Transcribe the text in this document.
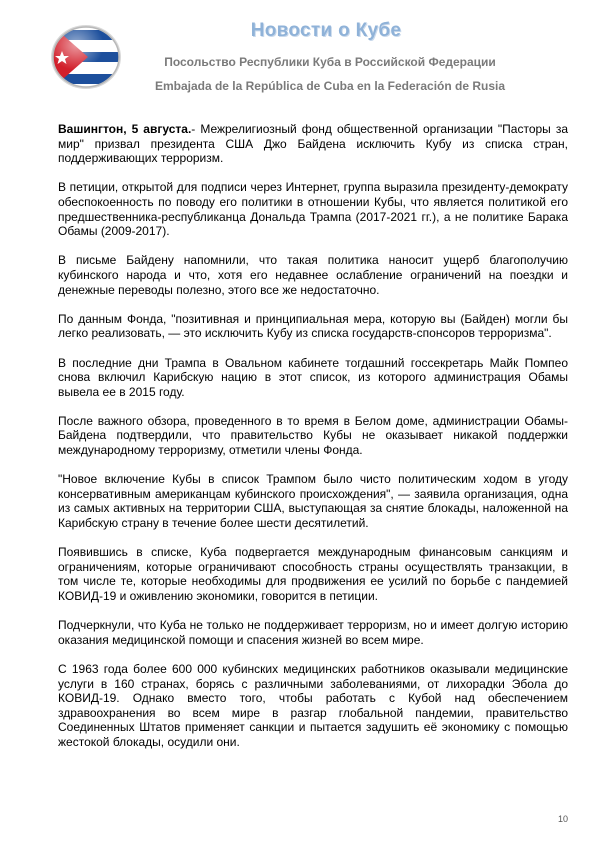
Новости о Кубе
Посольство Республики Куба в Российской Федерации
Embajada de la República de Cuba en la Federación de Rusia

Вашингтон, 5 августа.- Межрелигиозный фонд общественной организации "Пасторы за мир" призвал президента США Джо Байдена исключить Кубу из списка стран, поддерживающих терроризм.

В петиции, открытой для подписи через Интернет, группа выразила президенту-демократу обеспокоенность по поводу его политики в отношении Кубы, что является политикой его предшественника-республиканца Дональда Трампа (2017-2021 гг.), а не политике Барака Обамы (2009-2017).

В письме Байдену напомнили, что такая политика наносит ущерб благополучию кубинского народа и что, хотя его недавнее ослабление ограничений на поездки и денежные переводы полезно, этого все же недостаточно.

По данным Фонда, "позитивная и принципиальная мера, которую вы (Байден) могли бы легко реализовать, — это исключить Кубу из списка государств-спонсоров терроризма".

В последние дни Трампа в Овальном кабинете тогдашний госсекретарь Майк Помпео снова включил Карибскую нацию в этот список, из которого администрация Обамы вывела ее в 2015 году.

После важного обзора, проведенного в то время в Белом доме, администрации Обамы-Байдена подтвердили, что правительство Кубы не оказывает никакой поддержки международному терроризму, отметили члены Фонда.

"Новое включение Кубы в список Трампом было чисто политическим ходом в угоду консервативным американцам кубинского происхождения", — заявила организация, одна из самых активных на территории США, выступающая за снятие блокады, наложенной на Карибскую страну в течение более шести десятилетий.

Появившись в списке, Куба подвергается международным финансовым санкциям и ограничениям, которые ограничивают способность страны осуществлять транзакции, в том числе те, которые необходимы для продвижения ее усилий по борьбе с пандемией КОВИД-19 и оживлению экономики, говорится в петиции.

Подчеркнули, что Куба не только не поддерживает терроризм, но и имеет долгую историю оказания медицинской помощи и спасения жизней во всем мире.

С 1963 года более 600 000 кубинских медицинских работников оказывали медицинские услуги в 160 странах, борясь с различными заболеваниями, от лихорадки Эбола до КОВИД-19. Однако вместо того, чтобы работать с Кубой над обеспечением здравоохранения во всем мире в разгар глобальной пандемии, правительство Соединенных Штатов применяет санкции и пытается задушить её экономику с помощью жестокой блокады, осудили они.

10
